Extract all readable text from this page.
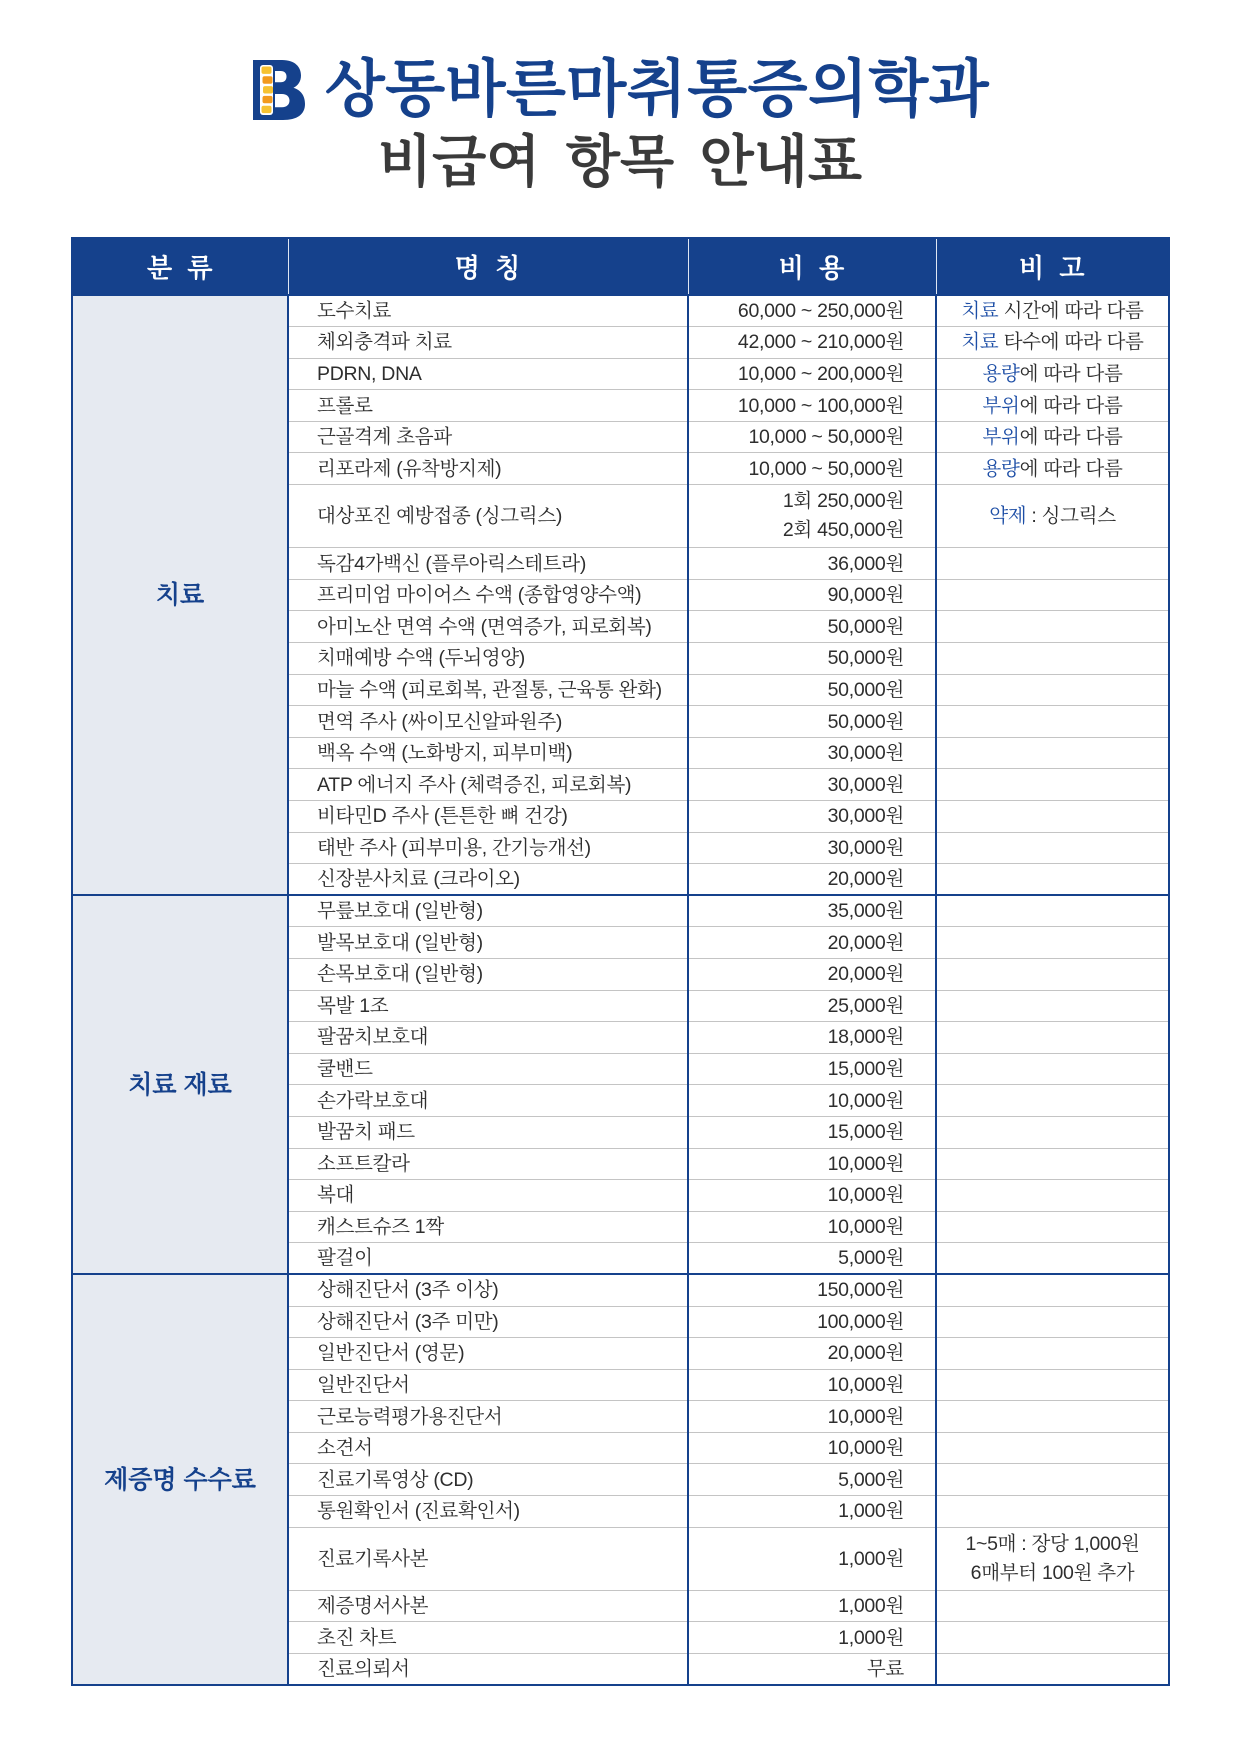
상동바른마취통증의학과
비급여 항목 안내표
분 류	명 칭	비 용	비 고
치료	도수치료	60,000 ~ 250,000원	치료 시간에 따라 다름
	체외충격파 치료	42,000 ~ 210,000원	치료 타수에 따라 다름
	PDRN, DNA	10,000 ~ 200,000원	용량에 따라 다름
	프롤로	10,000 ~ 100,000원	부위에 따라 다름
	근골격계 초음파	10,000 ~ 50,000원	부위에 따라 다름
	리포라제 (유착방지제)	10,000 ~ 50,000원	용량에 따라 다름
	대상포진 예방접종 (싱그릭스)	1회 250,000원
2회 450,000원	약제 : 싱그릭스
	독감4가백신 (플루아릭스테트라)	36,000원	
	프리미엄 마이어스 수액 (종합영양수액)	90,000원	
	아미노산 면역 수액 (면역증가, 피로회복)	50,000원	
	치매예방 수액 (두뇌영양)	50,000원	
	마늘 수액 (피로회복, 관절통, 근육통 완화)	50,000원	
	면역 주사 (싸이모신알파원주)	50,000원	
	백옥 수액 (노화방지, 피부미백)	30,000원	
	ATP 에너지 주사 (체력증진, 피로회복)	30,000원	
	비타민D 주사 (튼튼한 뼈 건강)	30,000원	
	태반 주사 (피부미용, 간기능개선)	30,000원	
	신장분사치료 (크라이오)	20,000원	
치료 재료	무릎보호대 (일반형)	35,000원	
	발목보호대 (일반형)	20,000원	
	손목보호대 (일반형)	20,000원	
	목발 1조	25,000원	
	팔꿈치보호대	18,000원	
	쿨밴드	15,000원	
	손가락보호대	10,000원	
	발꿈치 패드	15,000원	
	소프트칼라	10,000원	
	복대	10,000원	
	캐스트슈즈 1짝	10,000원	
	팔걸이	5,000원	
제증명 수수료	상해진단서 (3주 이상)	150,000원	
	상해진단서 (3주 미만)	100,000원	
	일반진단서 (영문)	20,000원	
	일반진단서	10,000원	
	근로능력평가용진단서	10,000원	
	소견서	10,000원	
	진료기록영상 (CD)	5,000원	
	통원확인서 (진료확인서)	1,000원	
	진료기록사본	1,000원	1~5매 : 장당 1,000원
6매부터 100원 추가

	제증명서사본	1,000원	
	초진 차트	1,000원	
	진료의뢰서	무료	
